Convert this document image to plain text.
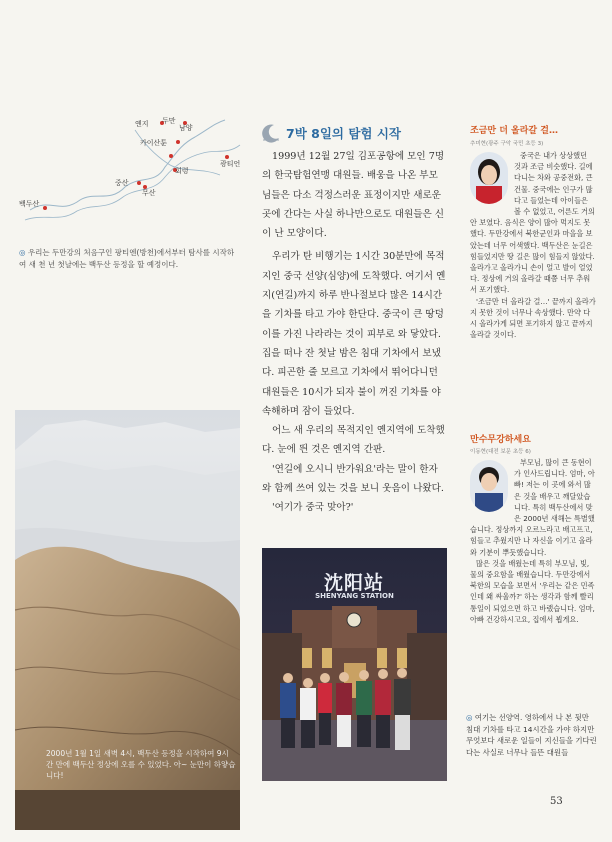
옌지 두만
남양
카이산툰
회령
중산
무산
광티언
백두산
◎ 우리는 두만강의 처음구인 팡티엔(방천)에서부터 탐사를 시작하여 새 천 년 첫날에는 백두산 등정을 할 예정이다.
2000년 1월 1일 새벽 4시, 백두산 등정을 시작하여 9시간 만에 백두산 정상에 오를 수 있었다. 아~ 눈만이 하얗습니다!
7박 8일의 탐험 시작

1999년 12월 27일 김포공항에 모인 7명의 한국탐험연맹 대원들. 배웅을 나온 부모님들은 다소 걱정스러운 표정이지만 새로운 곳에 간다는 사실 하나만으로도 대원들은 신이 난 모양이다.

우리가 탄 비행기는 1시간 30분만에 목적지인 중국 선양(심양)에 도착했다. 여기서 옌지(연길)까지 하루 반나절보다 많은 14시간을 기차를 타고 가야 한단다. 중국이 큰 땅덩이를 가진 나라라는 것이 피부로 와 닿았다. 집을 떠나 잔 첫날 밤은 침대 기차에서 보냈다. 피곤한 줄 모르고 기차에서 뛰어다니던 대원들은 10시가 되자 불이 꺼진 기차를 야속해하며 잠이 들었다.

어느 새 우리의 목적지인 옌지역에 도착했다. 눈에 띈 것은 옌지역 간판.

'연길에 오시니 반가워요'라는 말이 한자와 함께 쓰여 있는 것을 보니 웃음이 나왔다.

'여기가 중국 맞아?'

沈阳站
SHENYANG STATION
조금만 더 올라갈 걸…
추미현(광주 구악 국민 초등 3)

중국은 내가 상상했던 것과 조금 비슷했다. 길에 다니는 차와 공중전화, 큰 건물. 중국에는 인구가 많다고 들었는데 아이들은 볼 수 없었고, 어른도 거의 안 보였다. 음식은 양이 많아 먹지도 못했다. 두만강에서 북한군인과 마을을 보았는데 너무 어색했다. 백두산은 눈길은 힘들었지만 땅 길은 많이 힘들지 않았다. 올라가고 올라가니 손이 얼고 발이 얼었다. 정상에 거의 올라갈 때쯤 너무 추워서 포기했다.

'조금만 더 올라갈 걸…' 끝까지 올라가지 못한 것이 너무나 속상했다. 만약 다시 올라가게 되면 포기하지 않고 끝까지 올라갈 것이다.

만수무강하세요
이동현(대전 보문 초등 6)

부모님, 많이 큰 동현이가 인사드립니다. 엄마, 아빠! 저는 이 곳에 와서 많은 것을 배우고 깨달았습니다. 특히 백두산에서 맞은 2000년 새해는 특별했습니다. 정상까지 오르느라고 배고프고, 힘들고 추웠지만 나 자신을 이기고 올라와 기분이 뿌듯했습니다.

많은 것을 배웠는데 특히 부모님, 빛, 물의 중요함을 배웠습니다. 두만강에서 북한의 모습을 보면서 '우리는 같은 민족인데 왜 싸울까?' 하는 생각과 함께 빨리 통일이 되었으면 하고 바랬습니다. 엄마, 아빠 건강하시고요, 집에서 뵙게요.

◎ 여기는 선양역. 영하에서 나 본 뒷만 침대 기차를 타고 14시간을 가야 하지만 무엇보다 새로운 일들이 지신들을 기다린다는 사실로 너무나 들뜬 대원들
53
